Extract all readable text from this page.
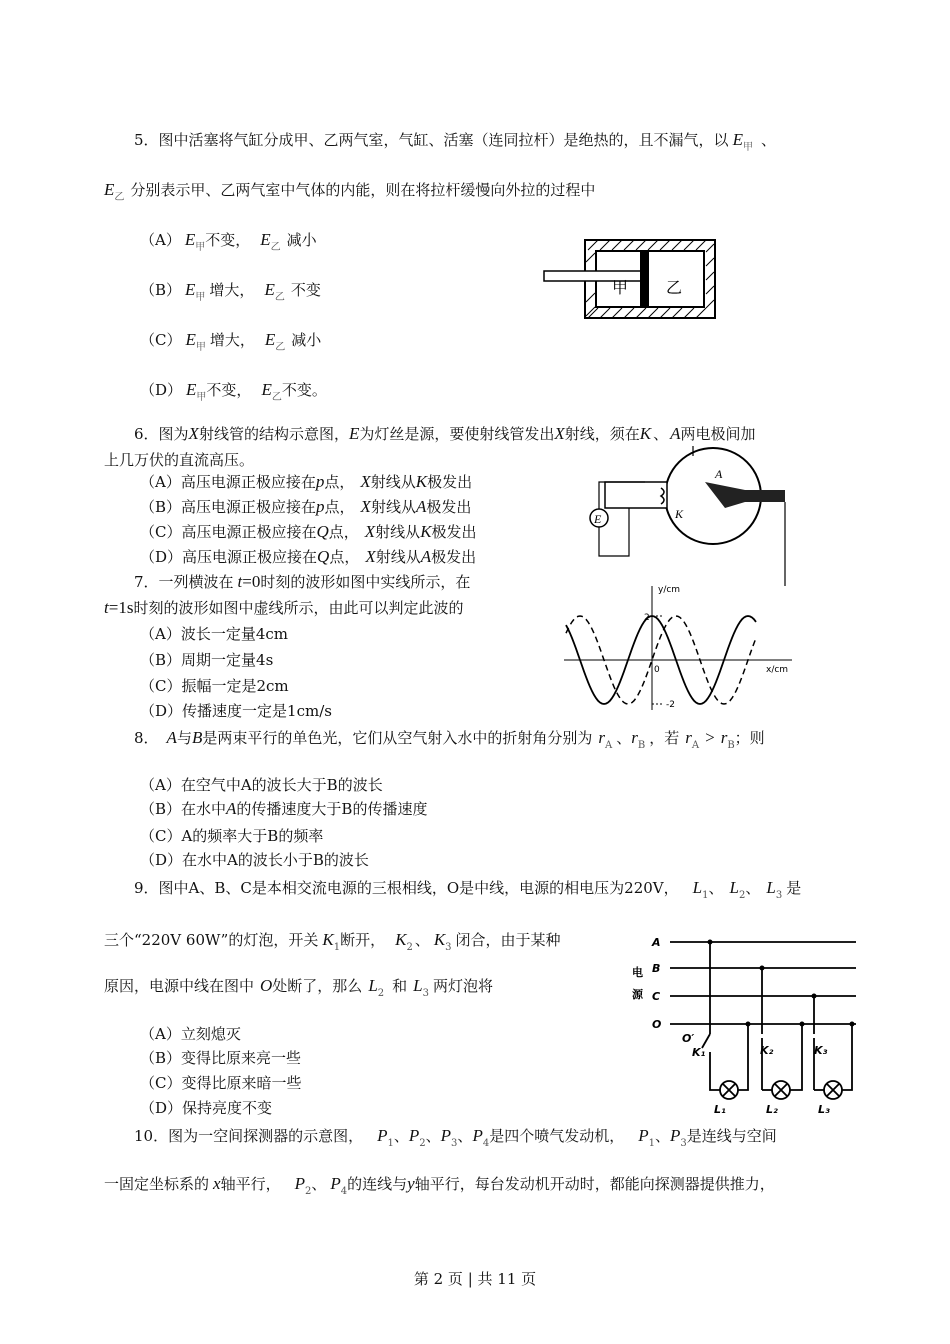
5．图中活塞将气缸分成甲、乙两气室，气缸、活塞（连同拉杆）是绝热的，且不漏气，以 $E_甲$ 、
$E_乙$ 分别表示甲、乙两气室中气体的内能，则在将拉杆缓慢向外拉的过程中
（A） $E_甲$不变， $E_乙$ 减小
（B） $E_甲$ 增大， $E_乙$ 不变
（C） $E_甲$ 增大， $E_乙$ 减小
（D） $E_甲$不变， $E_乙$不变。
甲 乙
6．图为X射线管的结构示意图，E为灯丝是源，要使射线管发出X射线，须在K 、 A两电极间加
上几万伏的直流高压。
（A）高压电源正极应接在p点， X射线从K极发出
（B）高压电源正极应接在p点， X射线从A极发出
（C）高压电源正极应接在Q点， X射线从K极发出
（D）高压电源正极应接在Q点， X射线从A极发出
E	K
A
7．一列横波在 t=0时刻的波形如图中实线所示，在
t=1s时刻的波形如图中虚线所示，由此可以判定此波的
（A）波长一定量4cm
（B）周期一定量4s
（C）振幅一定是2cm
（D）传播速度一定是1cm/s
y/cm
x/cm
0
2
-2
8． A与B是两束平行的单色光，它们从空气射入水中的折射角分别为 $r_A$ 、$r_B$ ，若 $r_A > r_B$；则
（A）在空气中A的波长大于B的波长
（B）在水中A的传播速度大于B的传播速度
（C）A的频率大于B的频率
（D）在水中A的波长小于B的波长
9．图中A、B、C是本相交流电源的三根相线，O是中线，电源的相电压为220V， $L_1$、 $L_2$、 $L_3$ 是
三个“220V 60W”的灯泡，开关 $K_1$断开， $K_2$ 、 $K_3$ 闭合，由于某种
原因，电源中线在图中 O处断了，那么 $L_2$ 和 $L_3$ 两灯泡将
（A）立刻熄灭
（B）变得比原来亮一些
（C）变得比原来暗一些
（D）保持亮度不变
A
B
C
O
电
源
O′
K₁	K₂	K₃
L₁	L₂	L₃
10．图为一空间探测器的示意图， $P_1$、$P_2$、$P_3$、$P_4$是四个喷气发动机， $P_1$、$P_3$是连线与空间
一固定坐标系的 x轴平行， $P_2$、 $P_4$的连线与y轴平行，每台发动机开动时，都能向探测器提供推力，
第 2 页 | 共 11 页
